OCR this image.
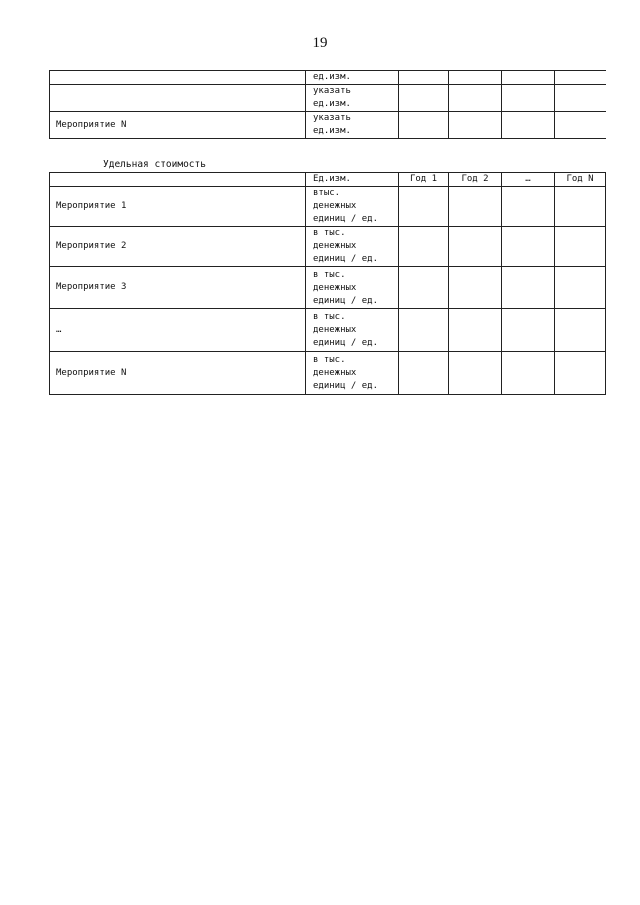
19

	ед.изм.				

	указать
ед.изм.				

Мероприятие N	указать
ед.изм.				

Удельная стоимость
	Ед.изм.	Год 1	Год 2	…	Год N
Мероприятие 1	втыс.
денежных
единиц / ед.				

Мероприятие 2	в тыс.
денежных
единиц / ед.				

Мероприятие 3	в тыс.
денежных
единиц / ед.				

…	в тыс.
денежных
единиц / ед.				

Мероприятие N	в тыс.
денежных
единиц / ед.				
